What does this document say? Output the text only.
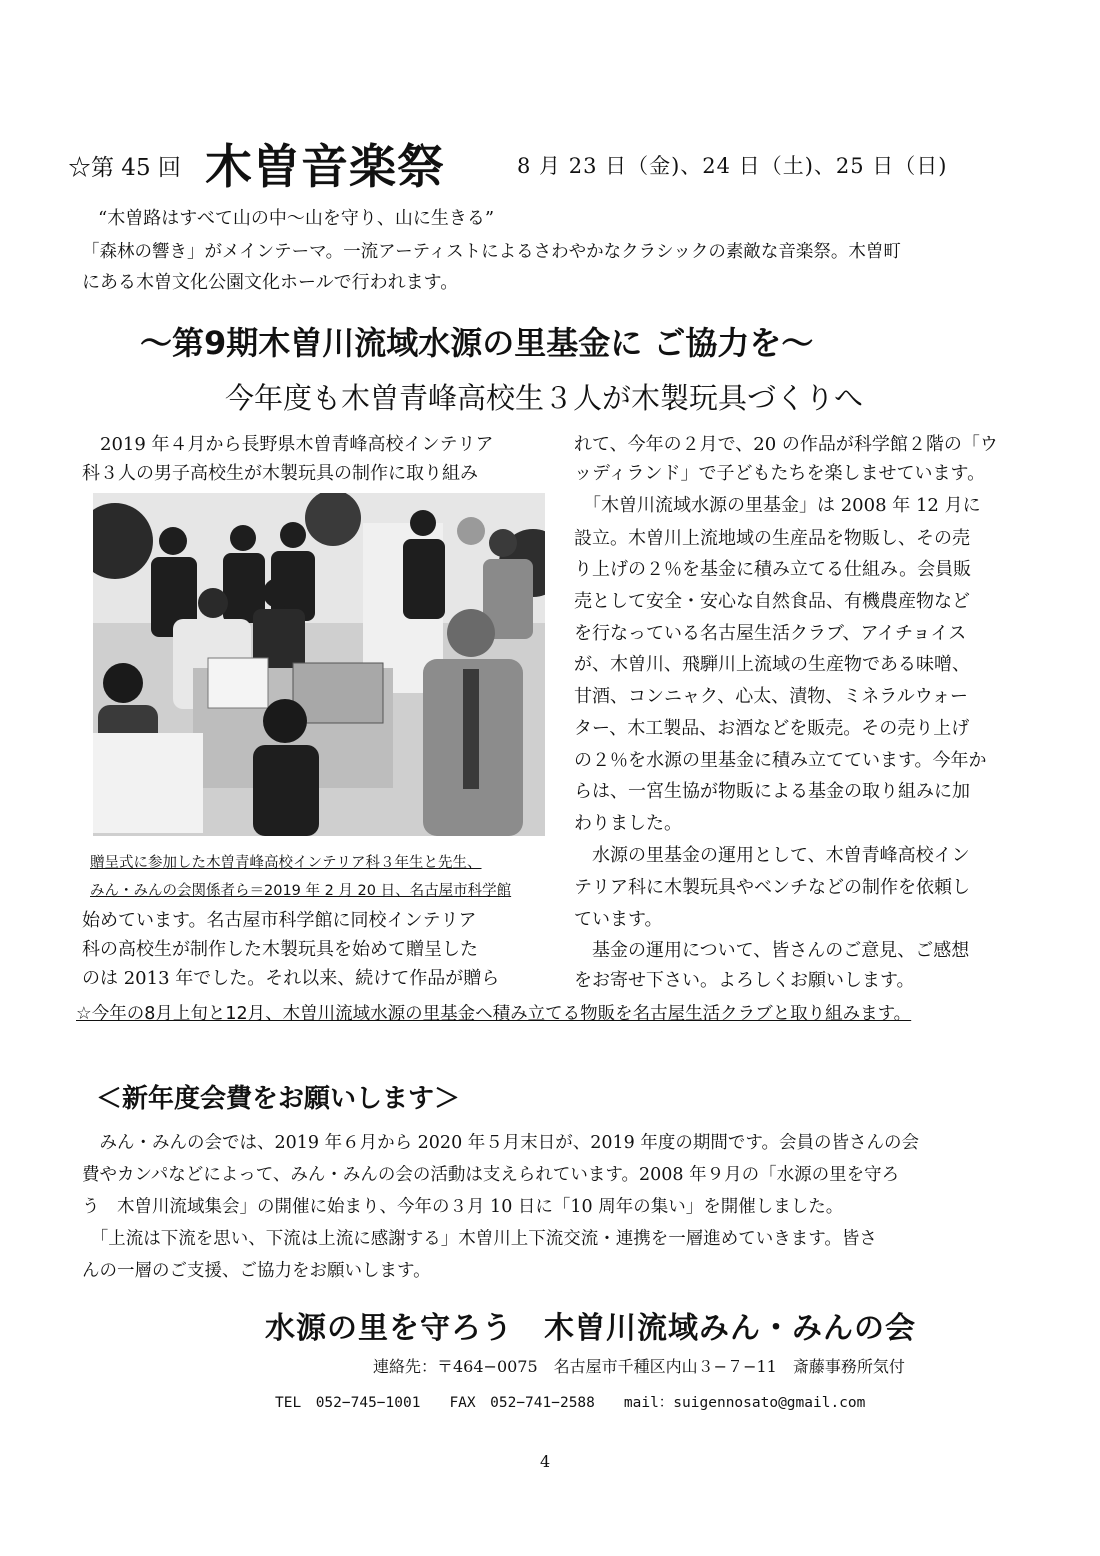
☆第 45 回 木曽音楽祭	8 月 23 日（金)、24 日（土)、25 日（日)
“木曽路はすべて山の中〜山を守り、山に生きる”
「森林の響き」がメインテーマ。一流アーティストによるさわやかなクラシックの素敵な音楽祭。木曽町
にある木曽文化公園文化ホールで行われます。
〜第9期木曽川流域水源の里基金に ご協力を〜
今年度も木曽青峰高校生３人が木製玩具づくりへ
　2019 年４月から長野県木曽青峰高校インテリア
科３人の男子高校生が木製玩具の制作に取り組み
贈呈式に参加した木曽青峰高校インテリア科３年生と先生、
みん・みんの会関係者ら＝2019 年 2 月 20 日、名古屋市科学館
始めています。名古屋市科学館に同校インテリア
科の高校生が制作した木製玩具を始めて贈呈した
のは 2013 年でした。それ以来、続けて作品が贈ら
れて、今年の２月で、20 の作品が科学館２階の「ウ
ッディランド」で子どもたちを楽しませています。
　「木曽川流域水源の里基金」は 2008 年 12 月に
設立。木曽川上流地域の生産品を物販し、その売
り上げの２％を基金に積み立てる仕組み。会員販
売として安全・安心な自然食品、有機農産物など
を行なっている名古屋生活クラブ、アイチョイス
が、木曽川、飛騨川上流域の生産物である味噌、
甘酒、コンニャク、心太、漬物、ミネラルウォー
ター、木工製品、お酒などを販売。その売り上げ
の２％を水源の里基金に積み立てています。今年か
らは、一宮生協が物販による基金の取り組みに加
わりました。
　水源の里基金の運用として、木曽青峰高校イン
テリア科に木製玩具やベンチなどの制作を依頼し
ています。
　基金の運用について、皆さんのご意見、ご感想
をお寄せ下さい。よろしくお願いします。
☆今年の8月上旬と12月、木曽川流域水源の里基金へ積み立てる物販を名古屋生活クラブと取り組みます。
＜新年度会費をお願いします＞
　みん・みんの会では、2019 年６月から 2020 年５月末日が、2019 年度の期間です。会員の皆さんの会
費やカンパなどによって、みん・みんの会の活動は支えられています。2008 年９月の「水源の里を守ろ
う　木曽川流域集会」の開催に始まり、今年の３月 10 日に「10 周年の集い」を開催しました。
　「上流は下流を思い、下流は上流に感謝する」木曽川上下流交流・連携を一層進めていきます。皆さ
んの一層のご支援、ご協力をお願いします。
水源の里を守ろう　木曽川流域みん・みんの会
連絡先：〒464−0075　名古屋市千種区内山３−７−11　斎藤事務所気付
TEL　052−745−1001　　FAX　052−741−2588　　mail：suigennosato@gmail.com
4
